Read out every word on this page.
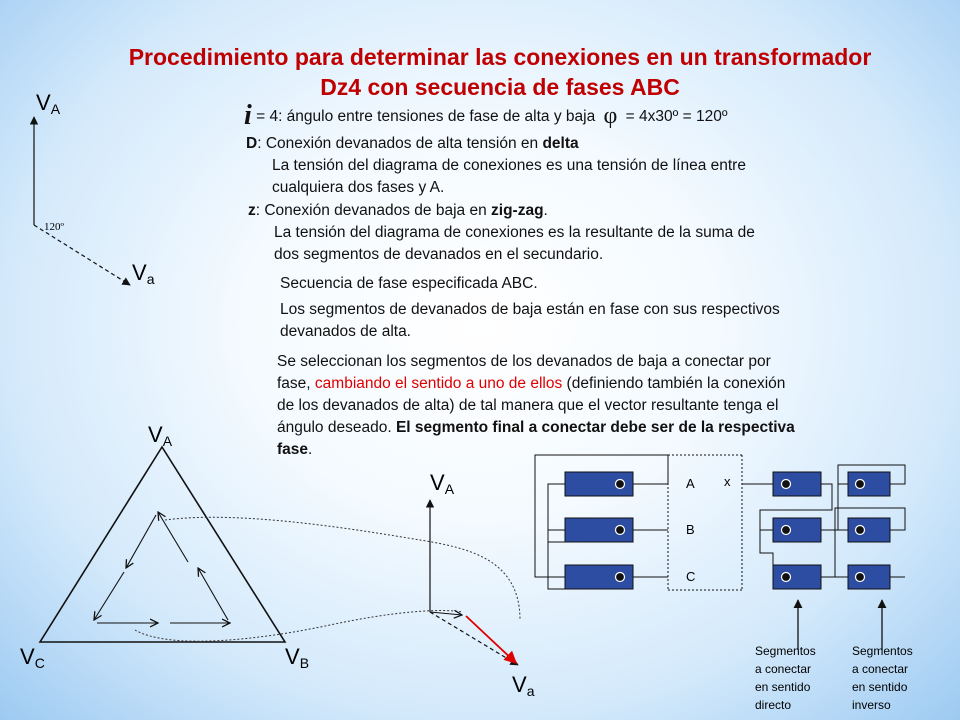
Procedimiento para determinar las conexiones en un transformador
Dz4 con secuencia de fases ABC
i = 4: ángulo entre tensiones de fase de alta y baja φ = 4x30º = 120º
D: Conexión devanados de alta tensión en delta
La tensión del diagrama de conexiones es una tensión de línea entre
cualquiera dos fases y A.
z: Conexión devanados de baja en zig-zag.
La tensión del diagrama de conexiones es la resultante de la suma de
dos segmentos de devanados en el secundario.
Secuencia de fase especificada ABC.
Los segmentos de devanados de baja están en fase con sus respectivos
devanados de alta.
Se seleccionan los segmentos de los devanados de baja a conectar por
fase, cambiando el sentido a uno de ellos (definiendo también la conexión
de los devanados de alta) de tal manera que el vector resultante tenga el
ángulo deseado. El segmento final a conectar debe ser de la respectiva
fase.
VA
Va
120º
VA
VC	VB
VA
Va
A
B
C
x
Segmentos
a conectar
en sentido
directo
Segmentos
a conectar
en sentido
inverso
